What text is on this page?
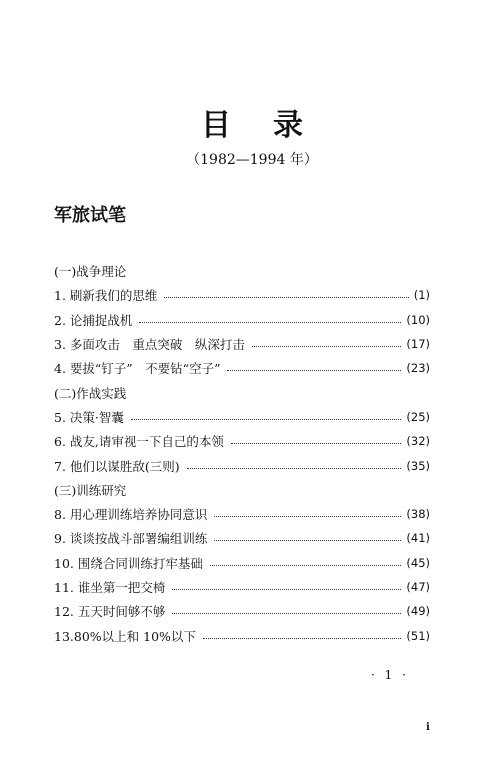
目录
（1982—1994 年）
军旅试笔
(一)战争理论
1. 刷新我们的思维	(1)
2. 论捕捉战机	(10)
3. 多面攻击　重点突破　纵深打击	(17)
4. 要拔“钉子”　不要钻“空子”	(23)
(二)作战实践
5. 决策·智囊	(25)
6. 战友,请审视一下自己的本领	(32)
7. 他们以谋胜敌(三则)	(35)
(三)训练研究
8. 用心理训练培养协同意识	(38)
9. 谈谈按战斗部署编组训练	(41)
10. 围绕合同训练打牢基础	(45)
11. 谁坐第一把交椅	(47)
12. 五天时间够不够	(49)
13.80%以上和 10%以下	(51)
· 1 ·
i
